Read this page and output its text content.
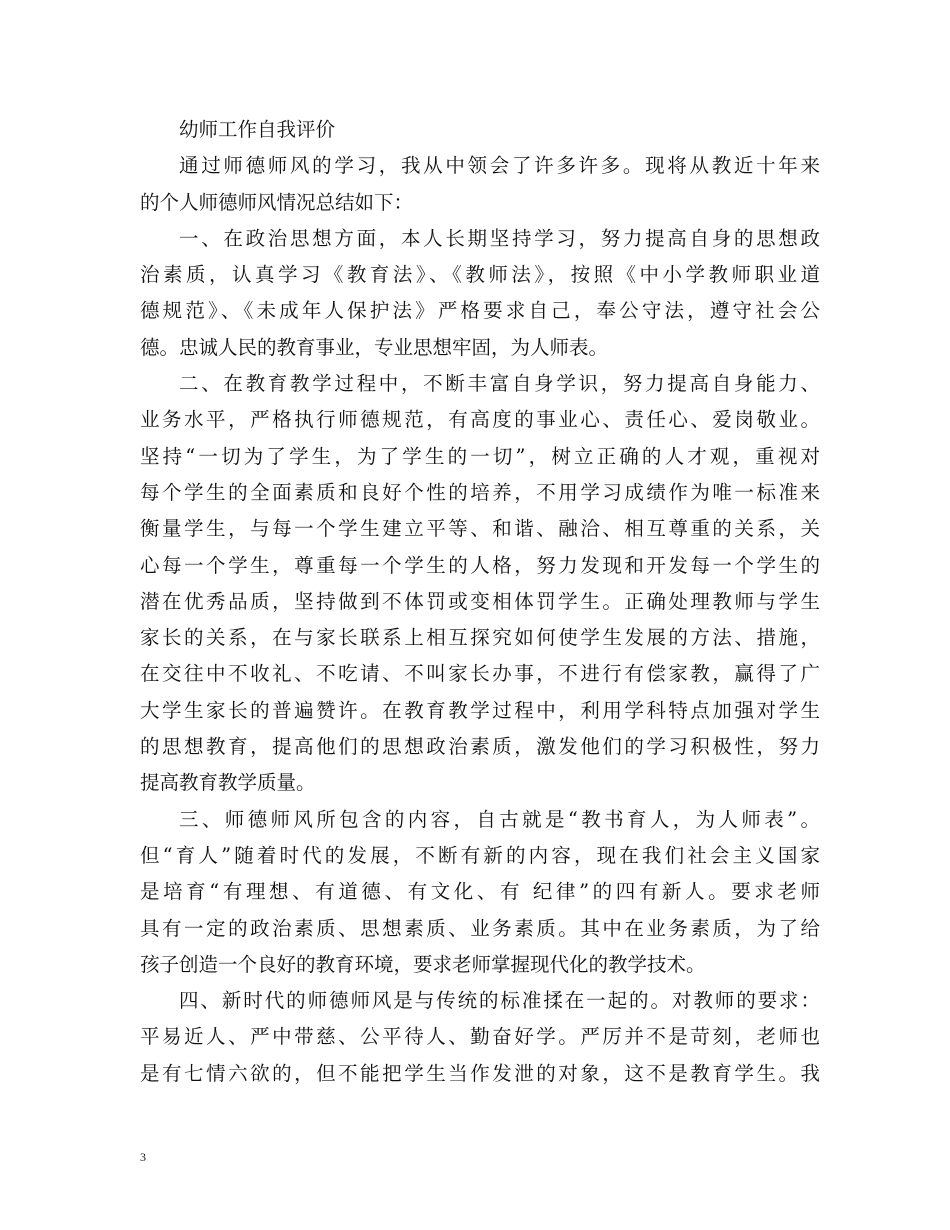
幼师工作自我评价
通过师德师风的学习，我从中领会了许多许多。现将从教近十年来
的个人师德师风情况总结如下：
一、在政治思想方面，本人长期坚持学习，努力提高自身的思想政
治素质，认真学习《教育法》、《教师法》，按照《中小学教师职业道
德规范》、《未成年人保护法》严格要求自己，奉公守法，遵守社会公
德。忠诚人民的教育事业，专业思想牢固，为人师表。
二、在教育教学过程中，不断丰富自身学识，努力提高自身能力、
业务水平，严格执行师德规范，有高度的事业心、责任心、爱岗敬业。
坚持“一切为了学生，为了学生的一切”，树立正确的人才观，重视对
每个学生的全面素质和良好个性的培养，不用学习成绩作为唯一标准来
衡量学生，与每一个学生建立平等、和谐、融洽、相互尊重的关系，关
心每一个学生，尊重每一个学生的人格，努力发现和开发每一个学生的
潜在优秀品质，坚持做到不体罚或变相体罚学生。正确处理教师与学生
家长的关系，在与家长联系上相互探究如何使学生发展的方法、措施，
在交往中不收礼、不吃请、不叫家长办事，不进行有偿家教，赢得了广
大学生家长的普遍赞许。在教育教学过程中，利用学科特点加强对学生
的思想教育，提高他们的思想政治素质，激发他们的学习积极性，努力
提高教育教学质量。
三、师德师风所包含的内容，自古就是“教书育人，为人师表”。
但“育人”随着时代的发展，不断有新的内容，现在我们社会主义国家
是培育“有理想、有道德、有文化、有 纪律”的四有新人。要求老师
具有一定的政治素质、思想素质、业务素质。其中在业务素质，为了给
孩子创造一个良好的教育环境，要求老师掌握现代化的教学技术。
四、新时代的师德师风是与传统的标准揉在一起的。对教师的要求：
平易近人、严中带慈、公平待人、勤奋好学。严厉并不是苛刻，老师也
是有七情六欲的，但不能把学生当作发泄的对象，这不是教育学生。我
3
